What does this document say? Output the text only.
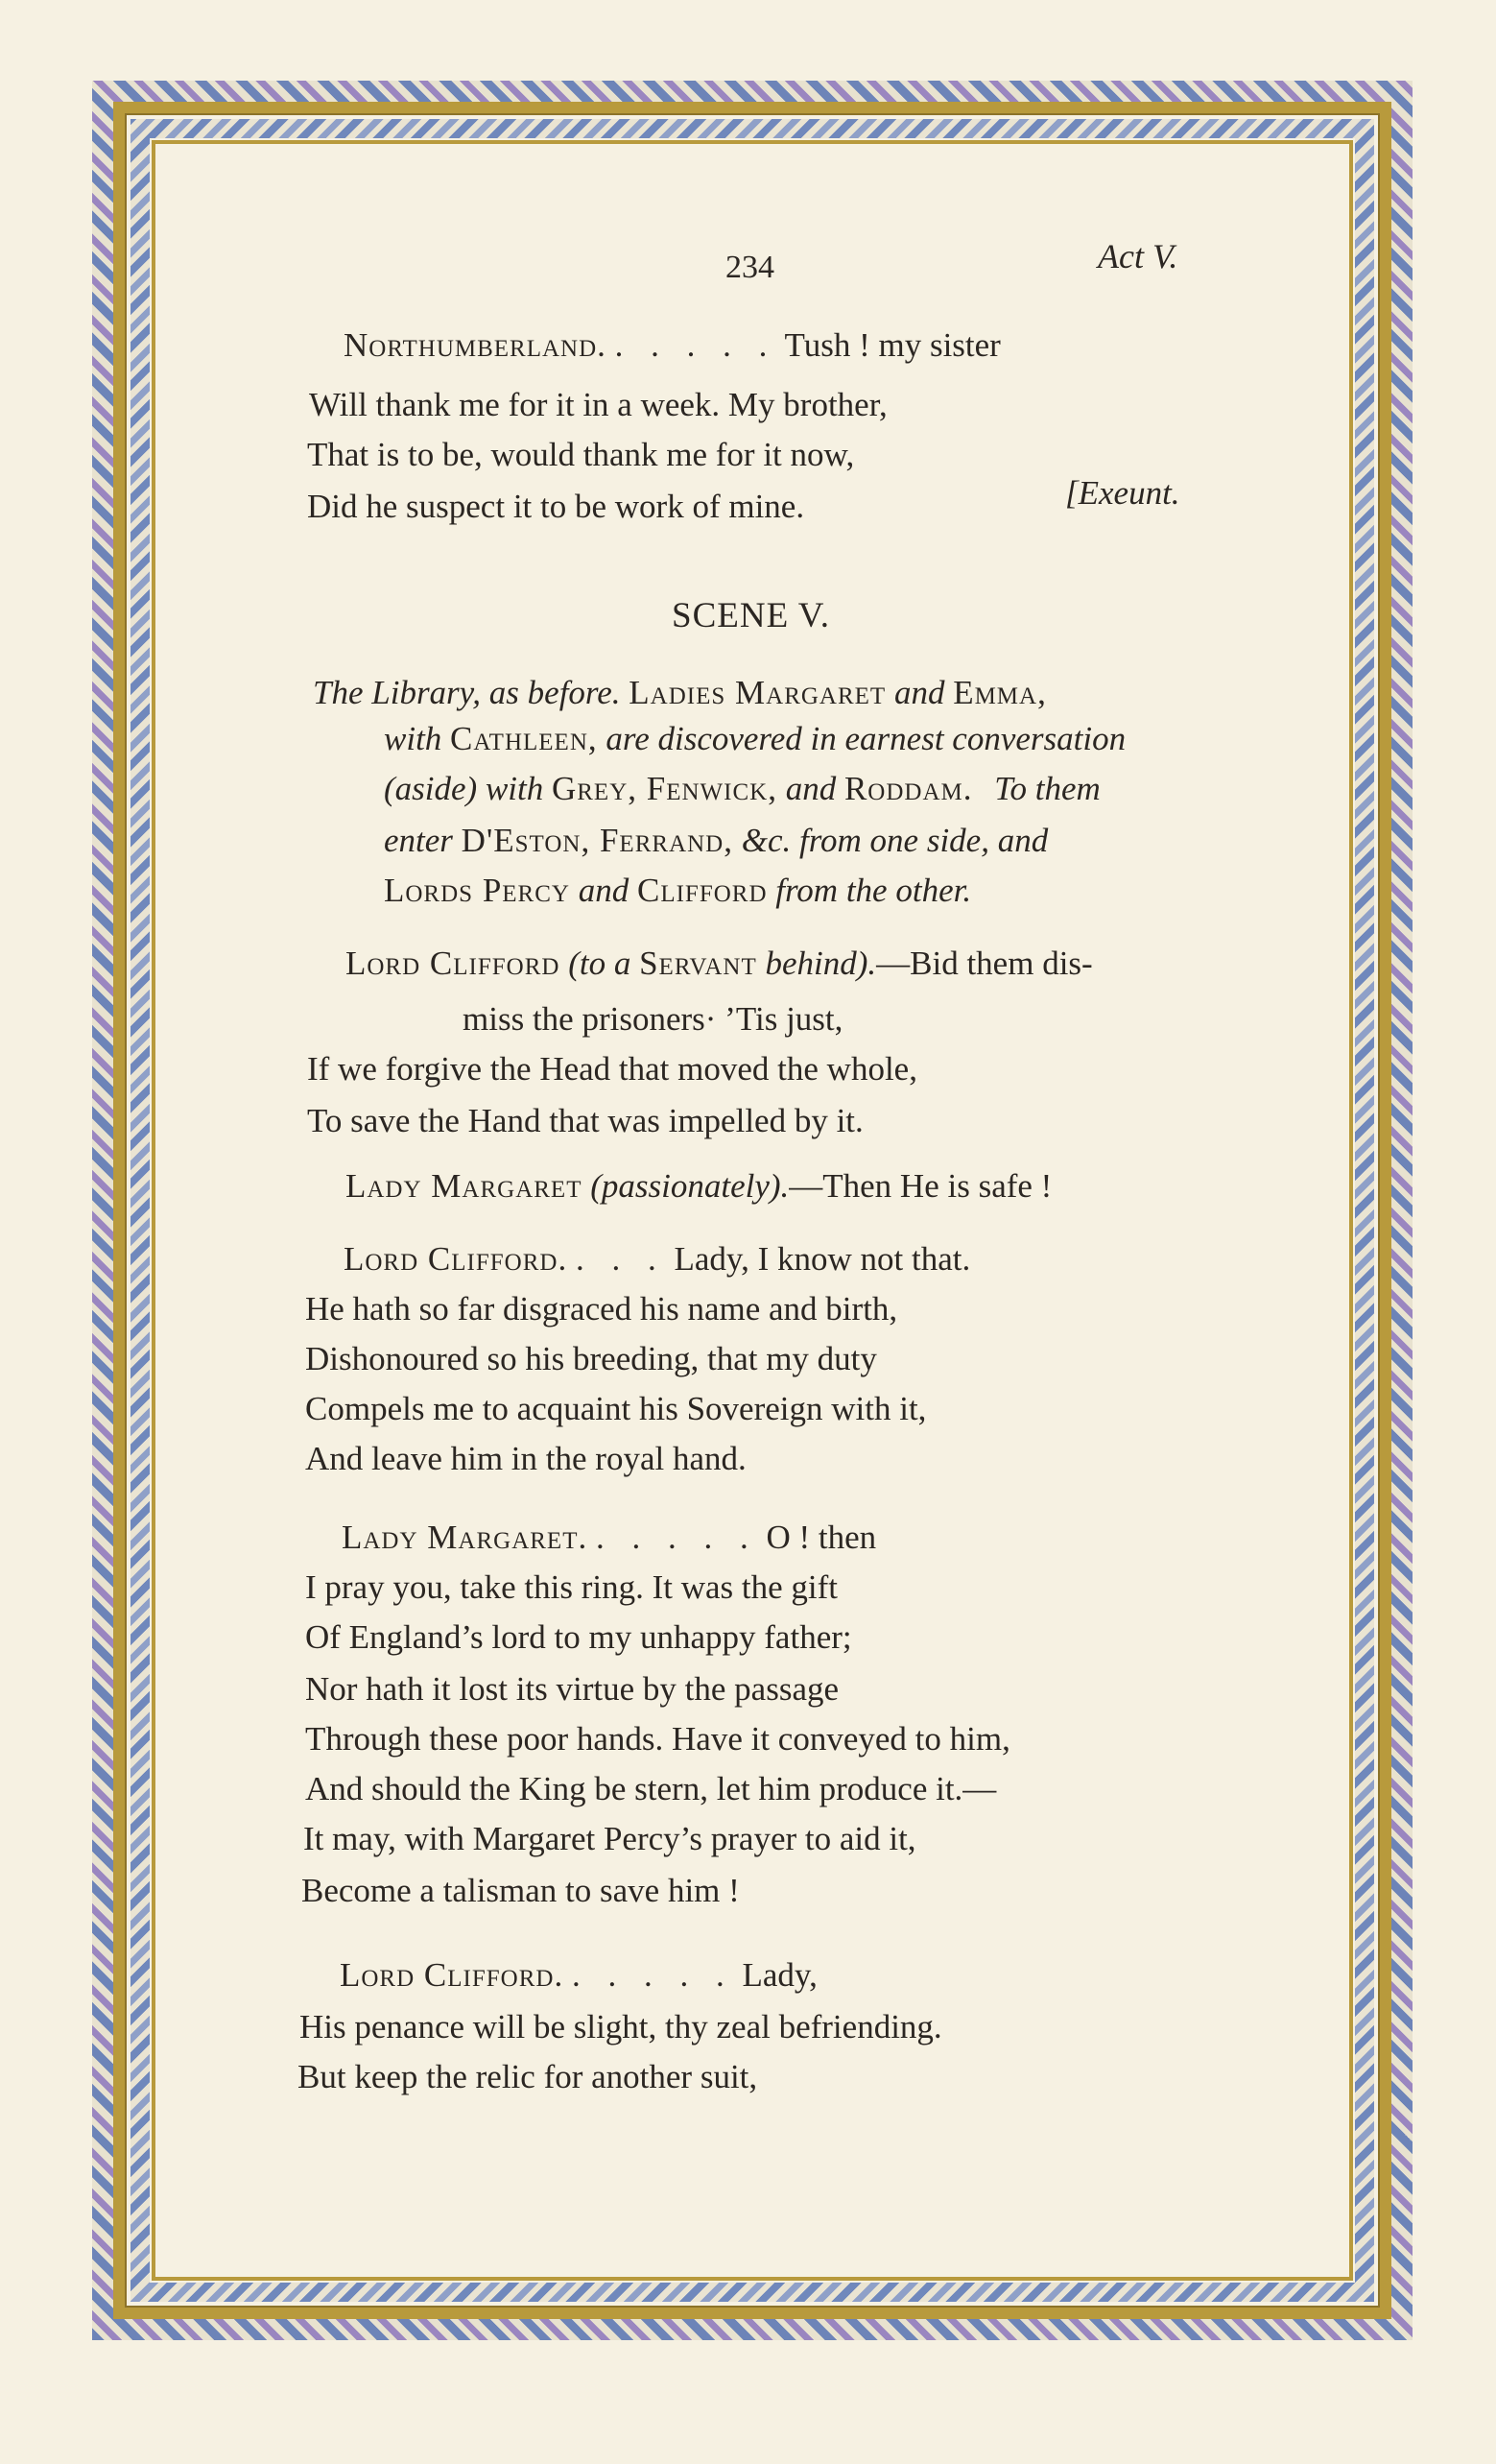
234	Act V.
Northumberland. . . . . . Tush ! my sister
Will thank me for it in a week. My brother,
That is to be, would thank me for it now,
Did he suspect it to be work of mine.	[Exeunt.
SCENE V.
The Library, as before. Ladies Margaret and Emma,
with Cathleen, are discovered in earnest conversation
(aside) with Grey, Fenwick, and Roddam. To them
enter D'Eston, Ferrand, &c. from one side, and
Lords Percy and Clifford from the other.
Lord Clifford (to a Servant behind).—Bid them dis-
miss the prisoners· ’Tis just,
If we forgive the Head that moved the whole,
To save the Hand that was impelled by it.
Lady Margaret (passionately).—Then He is safe !
Lord Clifford. . . . Lady, I know not that.
He hath so far disgraced his name and birth,
Dishonoured so his breeding, that my duty
Compels me to acquaint his Sovereign with it,
And leave him in the royal hand.
Lady Margaret. . . . . . O ! then
I pray you, take this ring. It was the gift
Of England’s lord to my unhappy father;
Nor hath it lost its virtue by the passage
Through these poor hands. Have it conveyed to him,
And should the King be stern, let him produce it.—
It may, with Margaret Percy’s prayer to aid it,
Become a talisman to save him !
Lord Clifford. . . . . . Lady,
His penance will be slight, thy zeal befriending.
But keep the relic for another suit,
